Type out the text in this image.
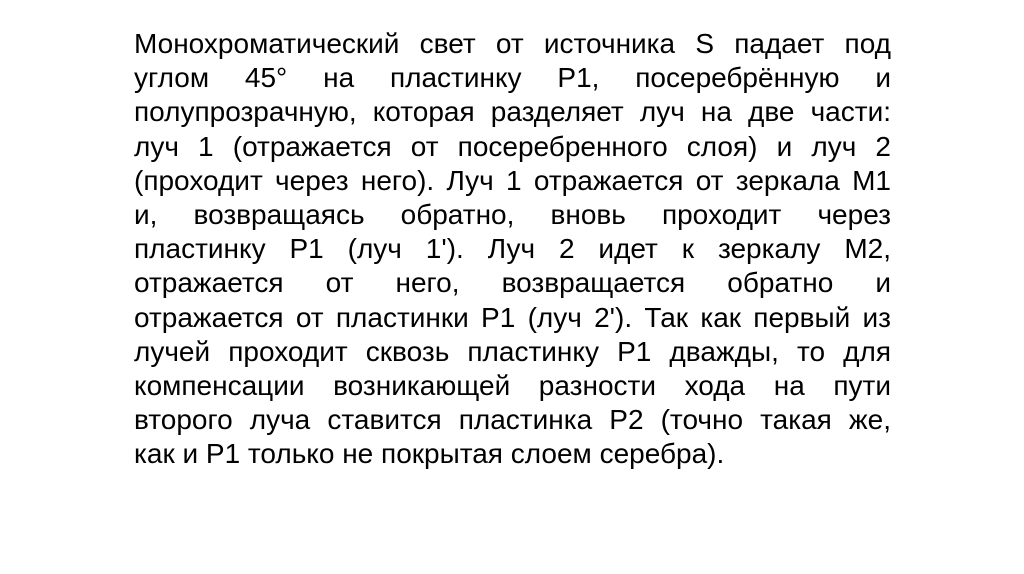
Монохроматический свет от источника S падает под
углом 45° на пластинку P1, посеребрённую и
полупрозрачную, которая разделяет луч на две части:
луч 1 (отражается от посеребренного слоя) и луч 2
(проходит через него). Луч 1 отражается от зеркала M1
и, возвращаясь обратно, вновь проходит через
пластинку P1 (луч 1'). Луч 2 идет к зеркалу M2,
отражается от него, возвращается обратно и
отражается от пластинки P1 (луч 2'). Так как первый из
лучей проходит сквозь пластинку P1 дважды, то для
компенсации возникающей разности хода на пути
второго луча ставится пластинка P2 (точно такая же,
как и P1 только не покрытая слоем серебра).
